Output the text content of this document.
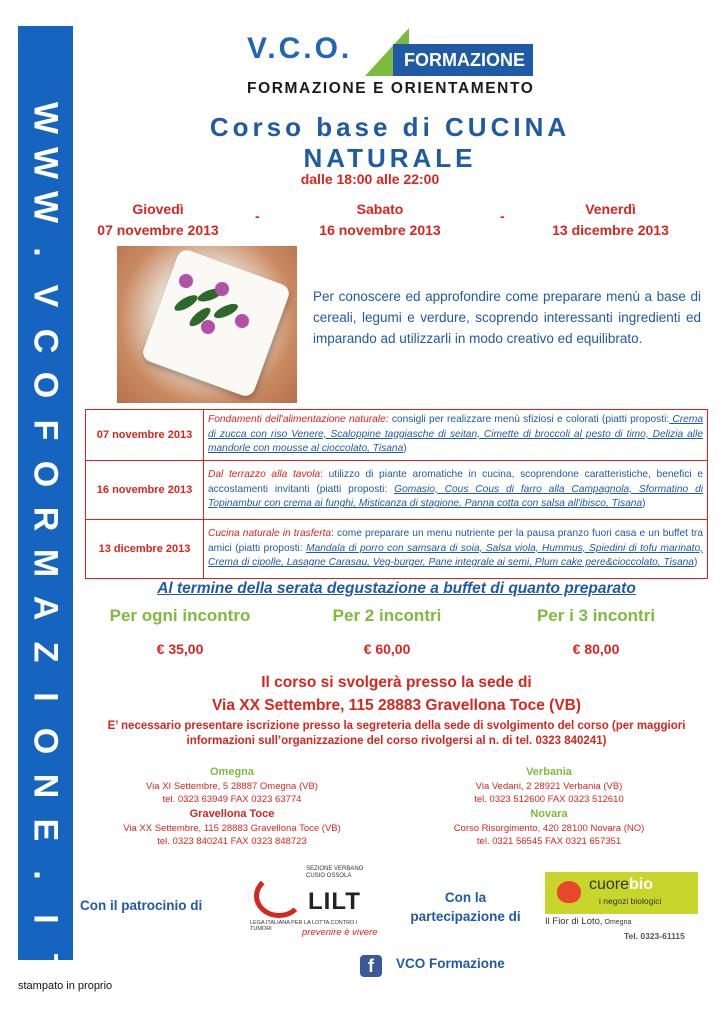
W
W
W
.
V
C
O
F
O
R
M
A
Z
I
O
N
E
.
I
T
V.C.O.	FORMAZIONE
FORMAZIONE E ORIENTAMENTO
Corso base di CUCINA NATURALE
dalle 18:00 alle 22:00
Giovedì
07 novembre 2013
-	Sabato
16 novembre 2013
-	Venerdì
13 dicembre 2013

Per conoscere ed approfondire come preparare menù a base di cereali, legumi e verdure, scoprendo interessanti ingredienti ed imparando ad utilizzarli in modo creativo ed equilibrato.

07 novembre 2013	Fondamenti dell'alimentazione naturale: consigli per realizzare menù sfiziosi e colorati (piatti proposti: Crema di zucca con riso Venere, Scaloppine taggiasche di seitan, Cimette di broccoli al pesto di timo, Delizia alle mandorle con mousse al cioccolato, Tisana)
16 novembre 2013	Dal terrazzo alla tavola: utilizzo di piante aromatiche in cucina, scoprendone caratteristiche, benefici e accostamenti invitanti (piatti proposti: Gomasio, Cous Cous di farro alla Campagnola, Sformatino di Topinambur con crema ai funghi, Misticanza di stagione, Panna cotta con salsa all'ibisco, Tisana)
13 dicembre 2013	Cucina naturale in trasferta: come preparare un menu nutriente per la pausa pranzo fuori casa e un buffet tra amici (piatti proposti: Mandala di porro con samsara di soia, Salsa viola, Hummus, Spiedini di tofu marinato, Crema di cipolle, Lasagne Carasau, Veg-burger, Pane integrale ai semi, Plum cake pere&cioccolato, Tisana)
Al termine della serata degustazione a buffet di quanto preparato
Per ogni incontro	Per 2 incontri	Per i 3 incontri
€ 35,00	€ 60,00	€ 80,00
Il corso si svolgerà presso la sede di
Via XX Settembre, 115 28883 Gravellona Toce (VB)
E’ necessario presentare iscrizione presso la segreteria della sede di svolgimento del corso (per maggiori informazioni sull’organizzazione del corso rivolgersi al n. di tel. 0323 840241)
Omegna
Via XI Settembre, 5 28887 Omegna (VB)
tel. 0323 63949 FAX 0323 63774
Verbania
Via Vedani, 2 28921 Verbania (VB)
tel. 0323 512600 FAX 0323 512610
Gravellona Toce
Via XX Settembre, 115 28883 Gravellona Toce (VB)
tel. 0323 840241 FAX 0323 848723
Novara
Corso Risorgimento, 420 28100 Novara (NO)
tel. 0321 56545 FAX 0321 657351
Con il patrocinio di
SEZIONE VERBANO CUSIO OSSOLA
LILT
LEGA ITALIANA PER LA LOTTA CONTRO I TUMORI	prevenire è vivere
Con la partecipazione di
cuorebio
i negozi biologici
Il Fior di Loto, Omegna
Tel. 0323-61115
f	VCO Formazione
stampato in proprio
